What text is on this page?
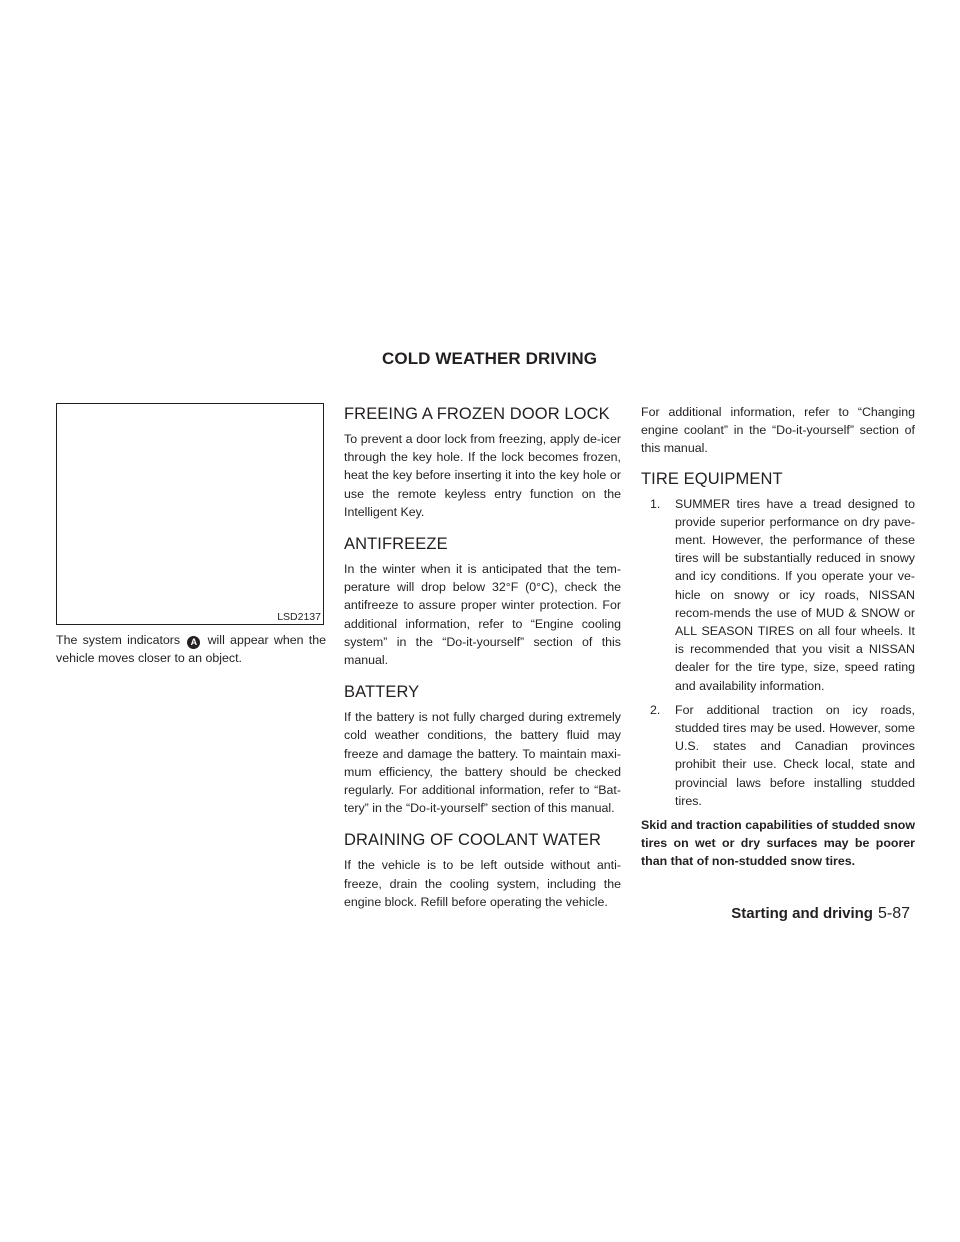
COLD WEATHER DRIVING
LSD2137

The system indicators A will appear when the vehicle moves closer to an object.

FREEING A FROZEN DOOR LOCK

To prevent a door lock from freezing, apply de-icer through the key hole. If the lock becomes frozen, heat the key before inserting it into the key hole or use the remote keyless entry function on the Intelligent Key.

ANTIFREEZE

In the winter when it is anticipated that the tem-perature will drop below 32°F (0°C), check the antifreeze to assure proper winter protection. For additional information, refer to “Engine cooling system” in the “Do-it-yourself” section of this manual.

BATTERY

If the battery is not fully charged during extremely cold weather conditions, the battery fluid may freeze and damage the battery. To maintain maxi-mum efficiency, the battery should be checked regularly. For additional information, refer to “Bat-tery” in the “Do-it-yourself” section of this manual.

DRAINING OF COOLANT WATER

If the vehicle is to be left outside without anti-freeze, drain the cooling system, including the engine block. Refill before operating the vehicle.

For additional information, refer to “Changing engine coolant” in the “Do-it-yourself” section of this manual.

TIRE EQUIPMENT
1. SUMMER tires have a tread designed to provide superior performance on dry pave-ment. However, the performance of these tires will be substantially reduced in snowy and icy conditions. If you operate your ve-hicle on snowy or icy roads, NISSAN recom-mends the use of MUD & SNOW or ALL SEASON TIRES on all four wheels. It is recommended that you visit a NISSAN dealer for the tire type, size, speed rating and availability information.
2. For additional traction on icy roads, studded tires may be used. However, some U.S. states and Canadian provinces prohibit their use. Check local, state and provincial laws before installing studded tires.

Skid and traction capabilities of studded snow tires on wet or dry surfaces may be poorer than that of non-studded snow tires.

Starting and driving 5-87
